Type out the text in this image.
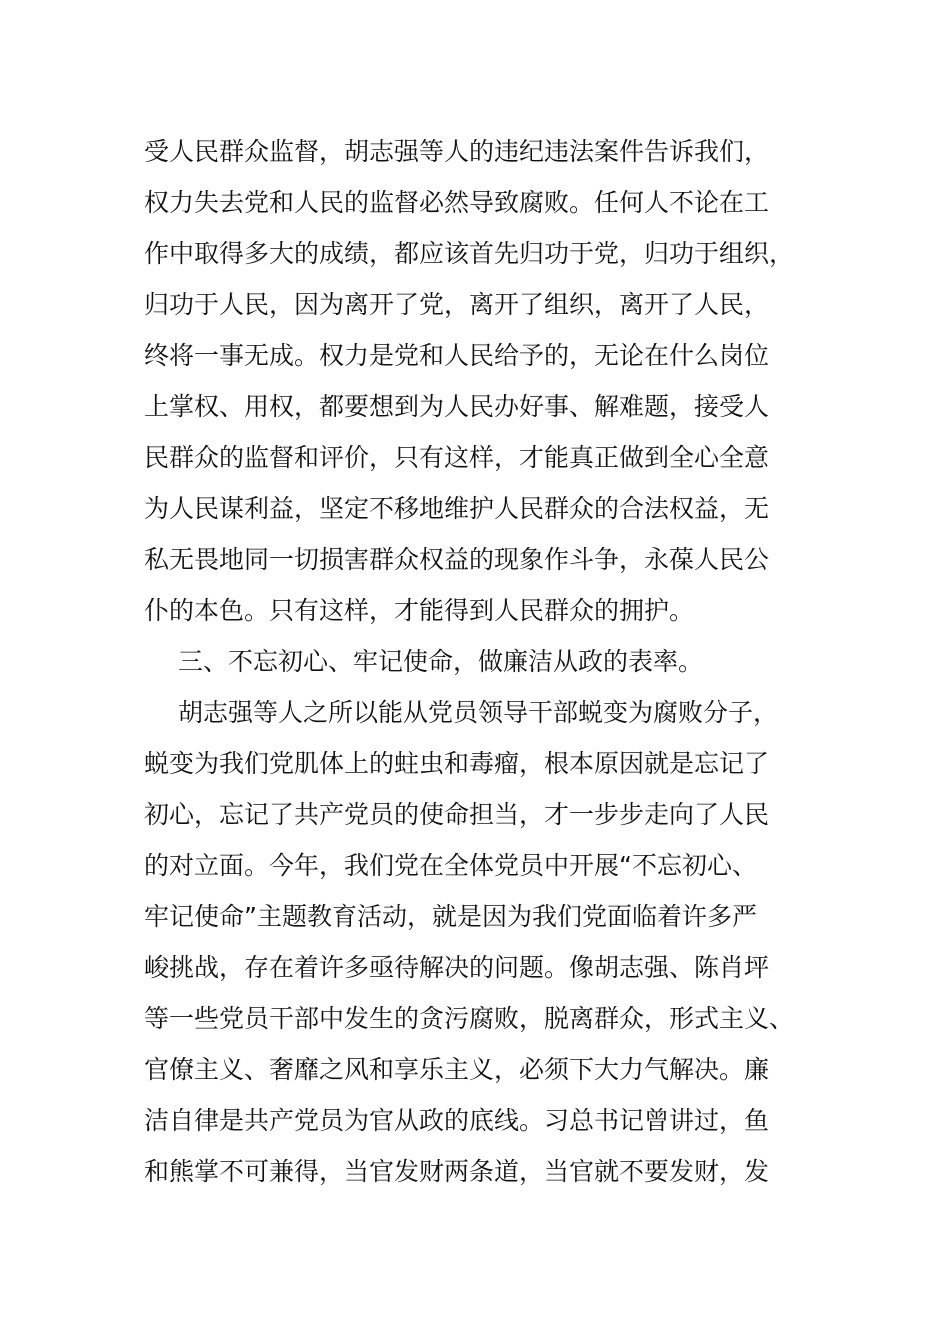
受人民群众监督，胡志强等人的违纪违法案件告诉我们，
权力失去党和人民的监督必然导致腐败。任何人不论在工
作中取得多大的成绩，都应该首先归功于党，归功于组织，
归功于人民，因为离开了党，离开了组织，离开了人民，
终将一事无成。权力是党和人民给予的，无论在什么岗位
上掌权、用权，都要想到为人民办好事、解难题，接受人
民群众的监督和评价，只有这样，才能真正做到全心全意
为人民谋利益，坚定不移地维护人民群众的合法权益，无
私无畏地同一切损害群众权益的现象作斗争，永葆人民公
仆的本色。只有这样，才能得到人民群众的拥护。
三、不忘初心、牢记使命，做廉洁从政的表率。
胡志强等人之所以能从党员领导干部蜕变为腐败分子，
蜕变为我们党肌体上的蛀虫和毒瘤，根本原因就是忘记了
初心，忘记了共产党员的使命担当，才一步步走向了人民
的对立面。今年，我们党在全体党员中开展“不忘初心、
牢记使命”主题教育活动，就是因为我们党面临着许多严
峻挑战，存在着许多亟待解决的问题。像胡志强、陈肖坪
等一些党员干部中发生的贪污腐败，脱离群众，形式主义、
官僚主义、奢靡之风和享乐主义，必须下大力气解决。廉
洁自律是共产党员为官从政的底线。习总书记曾讲过，鱼
和熊掌不可兼得，当官发财两条道，当官就不要发财，发
